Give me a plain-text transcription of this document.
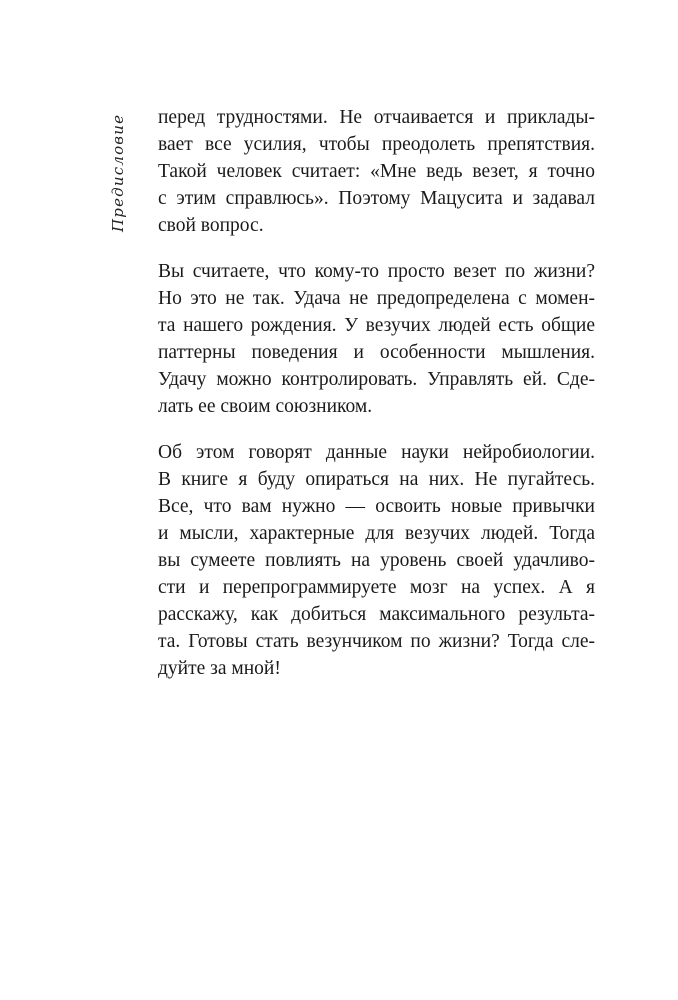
Предисловие перед трудностями. Не отчаивается и приклады-
вает все усилия, чтобы преодолеть препятствия.
Такой человек считает: «Мне ведь везет, я точно
с этим справлюсь». Поэтому Мацусита и задавал
свой вопрос.

Вы считаете, что кому-то просто везет по жизни?
Но это не так. Удача не предопределена с момен-
та нашего рождения. У везучих людей есть общие
паттерны поведения и особенности мышления.
Удачу можно контролировать. Управлять ей. Сде-
лать ее своим союзником.

Об этом говорят данные науки нейробиологии.
В книге я буду опираться на них. Не пугайтесь.
Все, что вам нужно — освоить новые привычки
и мысли, характерные для везучих людей. Тогда
вы сумеете повлиять на уровень своей удачливо-
сти и перепрограммируете мозг на успех. А я
расскажу, как добиться максимального результа-
та. Готовы стать везунчиком по жизни? Тогда сле-
дуйте за мной!
